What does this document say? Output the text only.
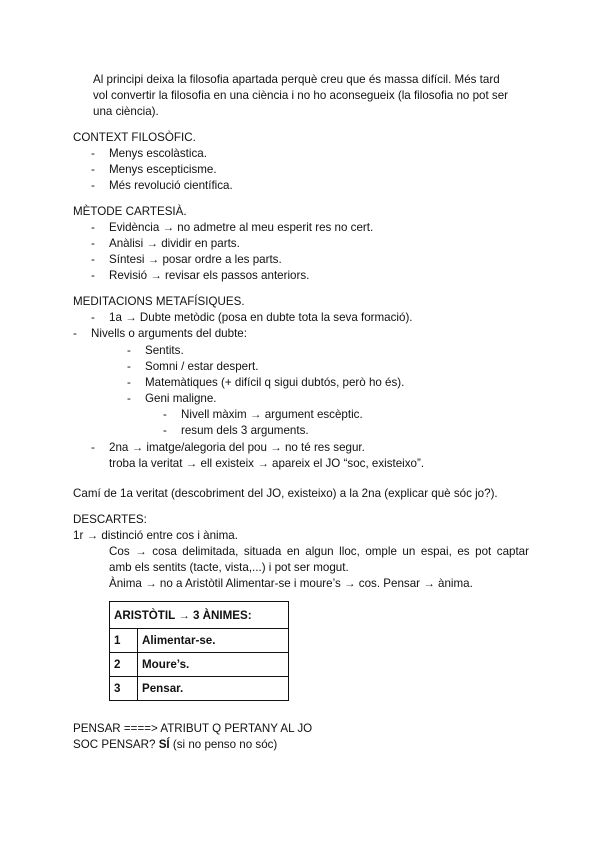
Al principi deixa la filosofia apartada perquè creu que és massa difícil. Més tard
vol convertir la filosofia en una ciència i no ho aconsegueix (la filosofia no pot ser
una ciència).
CONTEXT FILOSÒFIC.
- Menys escolàstica.
- Menys escepticisme.
- Més revolució científica.
MÈTODE CARTESIÀ.
- Evidència → no admetre al meu esperit res no cert.
- Anàlisi → dividir en parts.
- Síntesi → posar ordre a les parts.
- Revisió → revisar els passos anteriors.
MEDITACIONS METAFÍSIQUES.
- 1a → Dubte metòdic (posa en dubte tota la seva formació).
- Nivells o arguments del dubte:
- Sentits.
- Somni / estar despert.
- Matemàtiques (+ difícil q sigui dubtós, però ho és).
- Geni maligne.
- Nivell màxim → argument escèptic.
- resum dels 3 arguments.
- 2na → imatge/alegoria del pou → no té res segur.
troba la veritat → ell existeix → apareix el JO “soc, existeixo”.
Camí de 1a veritat (descobriment del JO, existeixo) a la 2na (explicar què sóc jo?).
DESCARTES:
1r → distinció entre cos i ànima.
Cos → cosa delimitada, situada en algun lloc, omple un espai, es pot captar
amb els sentits (tacte, vista,...) i pot ser mogut.
Ànima → no a Aristòtil Alimentar-se i moure’s → cos. Pensar → ànima.
ARISTÒTIL → 3 ÀNIMES:	
1	Alimentar-se.
2	Moure’s.
3	Pensar.
PENSAR ====> ATRIBUT Q PERTANY AL JO
SOC PENSAR? SÍ (si no penso no sóc)
